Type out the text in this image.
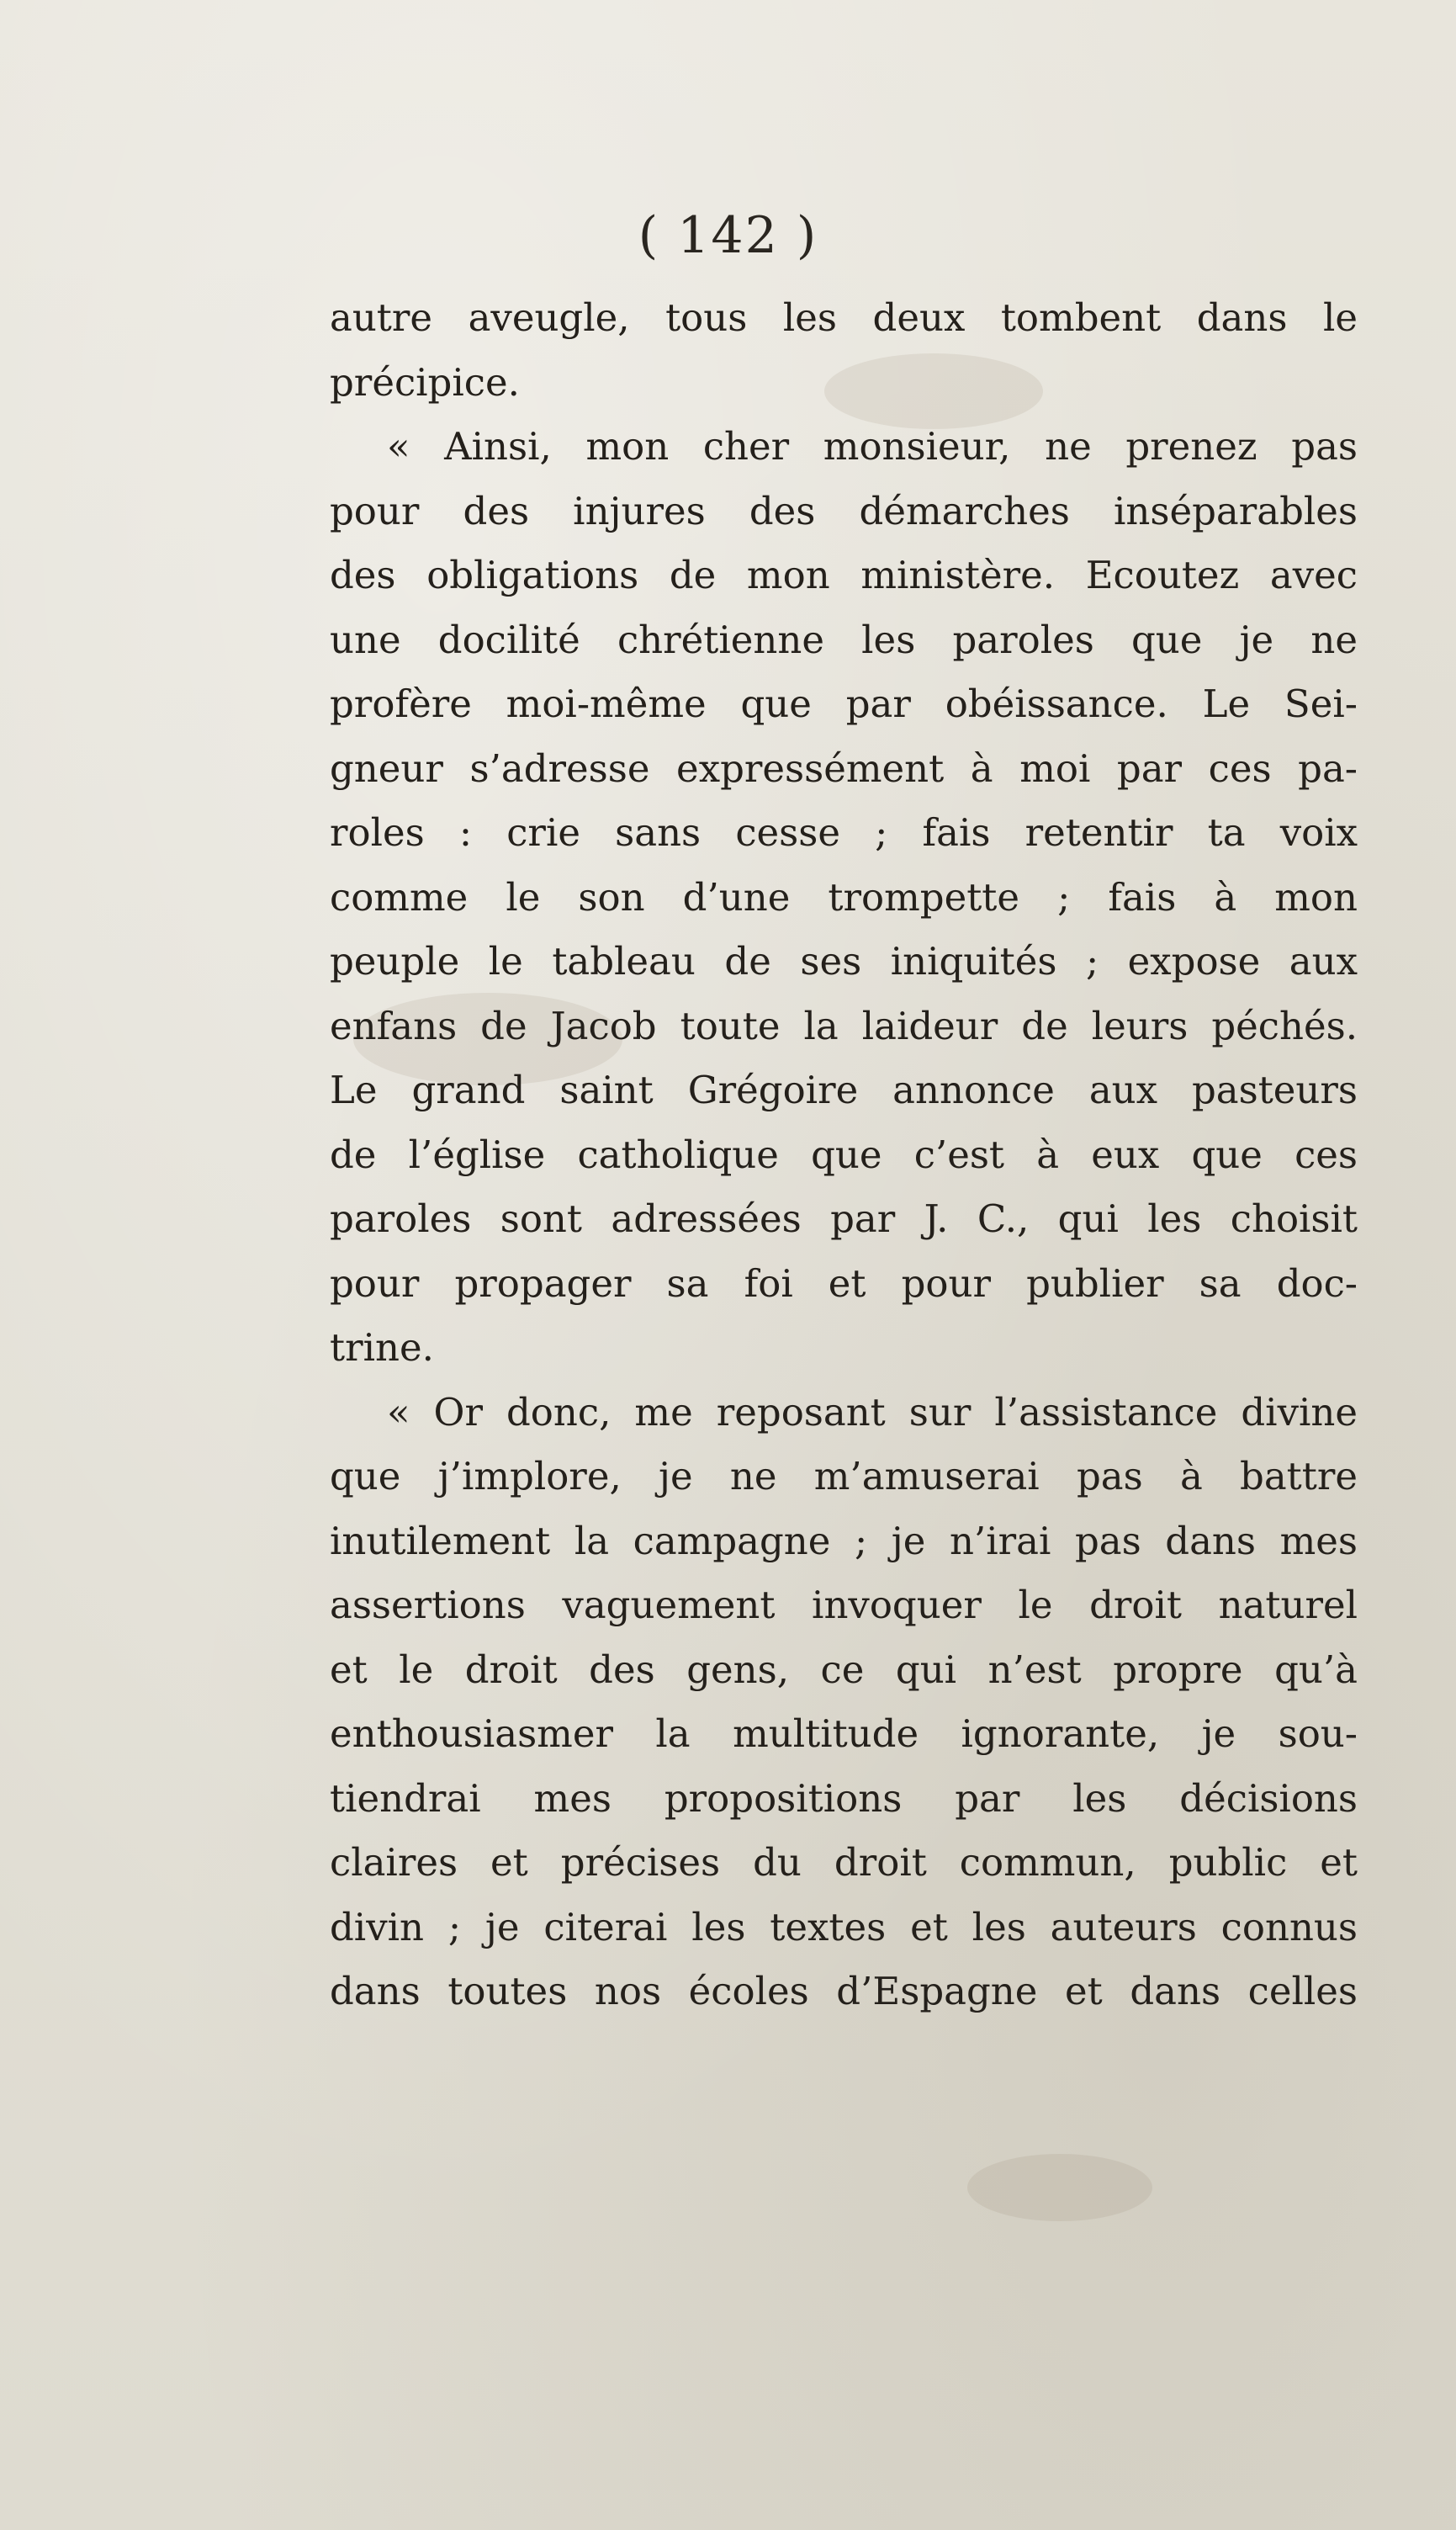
( 142 )
autre aveugle, tous les deux tombent dans le
précipice.
« Ainsi, mon cher monsieur, ne prenez pas
pour des injures des démarches inséparables
des obligations de mon ministère. Ecoutez avec
une docilité chrétienne les paroles que je ne
profère moi-même que par obéissance. Le Sei-
gneur s’adresse expressément à moi par ces pa-
roles : crie sans cesse ; fais retentir ta voix
comme le son d’une trompette ; fais à mon
peuple le tableau de ses iniquités ; expose aux
enfans de Jacob toute la laideur de leurs péchés.
Le grand saint Grégoire annonce aux pasteurs
de l’église catholique que c’est à eux que ces
paroles sont adressées par J. C., qui les choisit
pour propager sa foi et pour publier sa doc-
trine.
« Or donc, me reposant sur l’assistance divine
que j’implore, je ne m’amuserai pas à battre
inutilement la campagne ; je n’irai pas dans mes
assertions vaguement invoquer le droit naturel
et le droit des gens, ce qui n’est propre qu’à
enthousiasmer la multitude ignorante, je sou-
tiendrai mes propositions par les décisions
claires et précises du droit commun, public et
divin ; je citerai les textes et les auteurs connus
dans toutes nos écoles d’Espagne et dans celles
